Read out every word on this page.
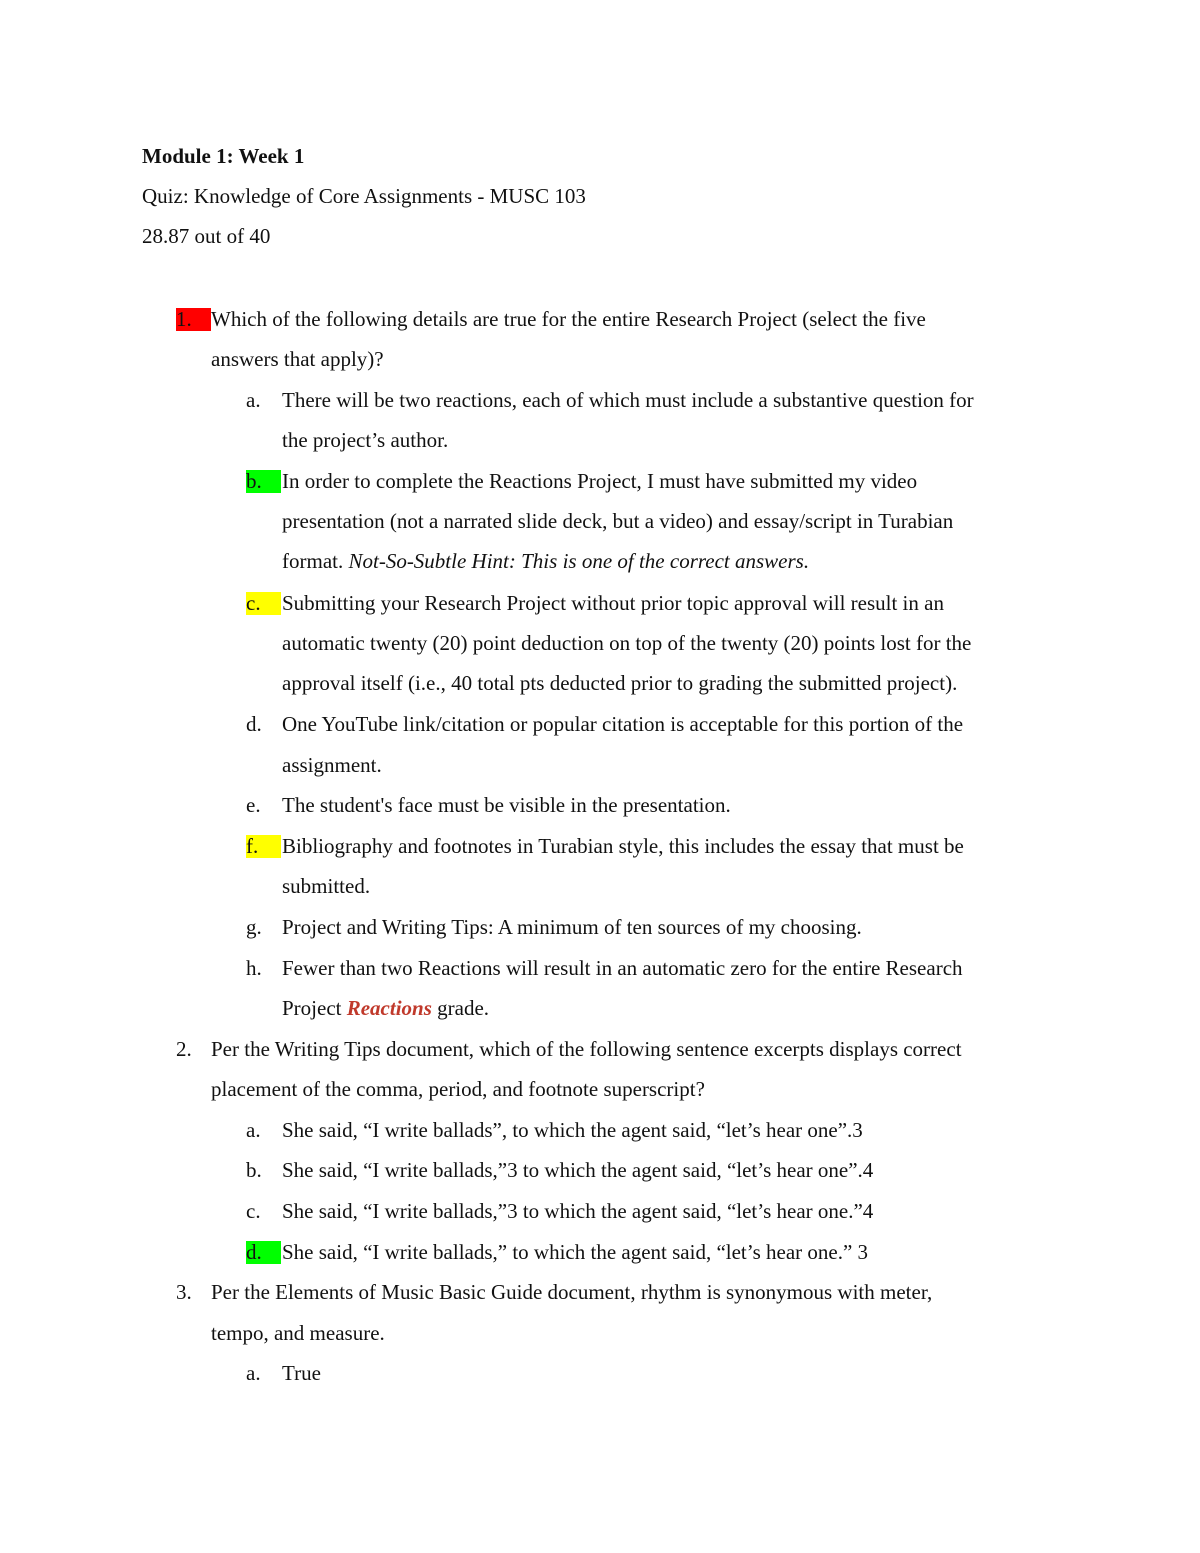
Module 1: Week 1
Quiz: Knowledge of Core Assignments - MUSC 103
28.87 out of 40
1. Which of the following details are true for the entire Research Project (select the five
answers that apply)?
a. There will be two reactions, each of which must include a substantive question for
the project’s author.
b. In order to complete the Reactions Project, I must have submitted my video
presentation (not a narrated slide deck, but a video) and essay/script in Turabian
format. Not-So-Subtle Hint: This is one of the correct answers.
c.	Submitting your Research Project without prior topic approval will result in an
automatic twenty (20) point deduction on top of the twenty (20) points lost for the
approval itself (i.e., 40 total pts deducted prior to grading the submitted project).
d. One YouTube link/citation or popular citation is acceptable for this portion of the
assignment.
e. The student's face must be visible in the presentation.
f.	Bibliography and footnotes in Turabian style, this includes the essay that must be
submitted.
g. Project and Writing Tips: A minimum of ten sources of my choosing.
h. Fewer than two Reactions will result in an automatic zero for the entire Research
Project Reactions grade.
2. Per the Writing Tips document, which of the following sentence excerpts displays correct
placement of the comma, period, and footnote superscript?
a. She said, “I write ballads”, to which the agent said, “let’s hear one”.3
b. She said, “I write ballads,”3 to which the agent said, “let’s hear one”.4
c. She said, “I write ballads,”3 to which the agent said, “let’s hear one.”4
d. She said, “I write ballads,” to which the agent said, “let’s hear one.” 3
3. Per the Elements of Music Basic Guide document, rhythm is synonymous with meter,
tempo, and measure.
a. True
